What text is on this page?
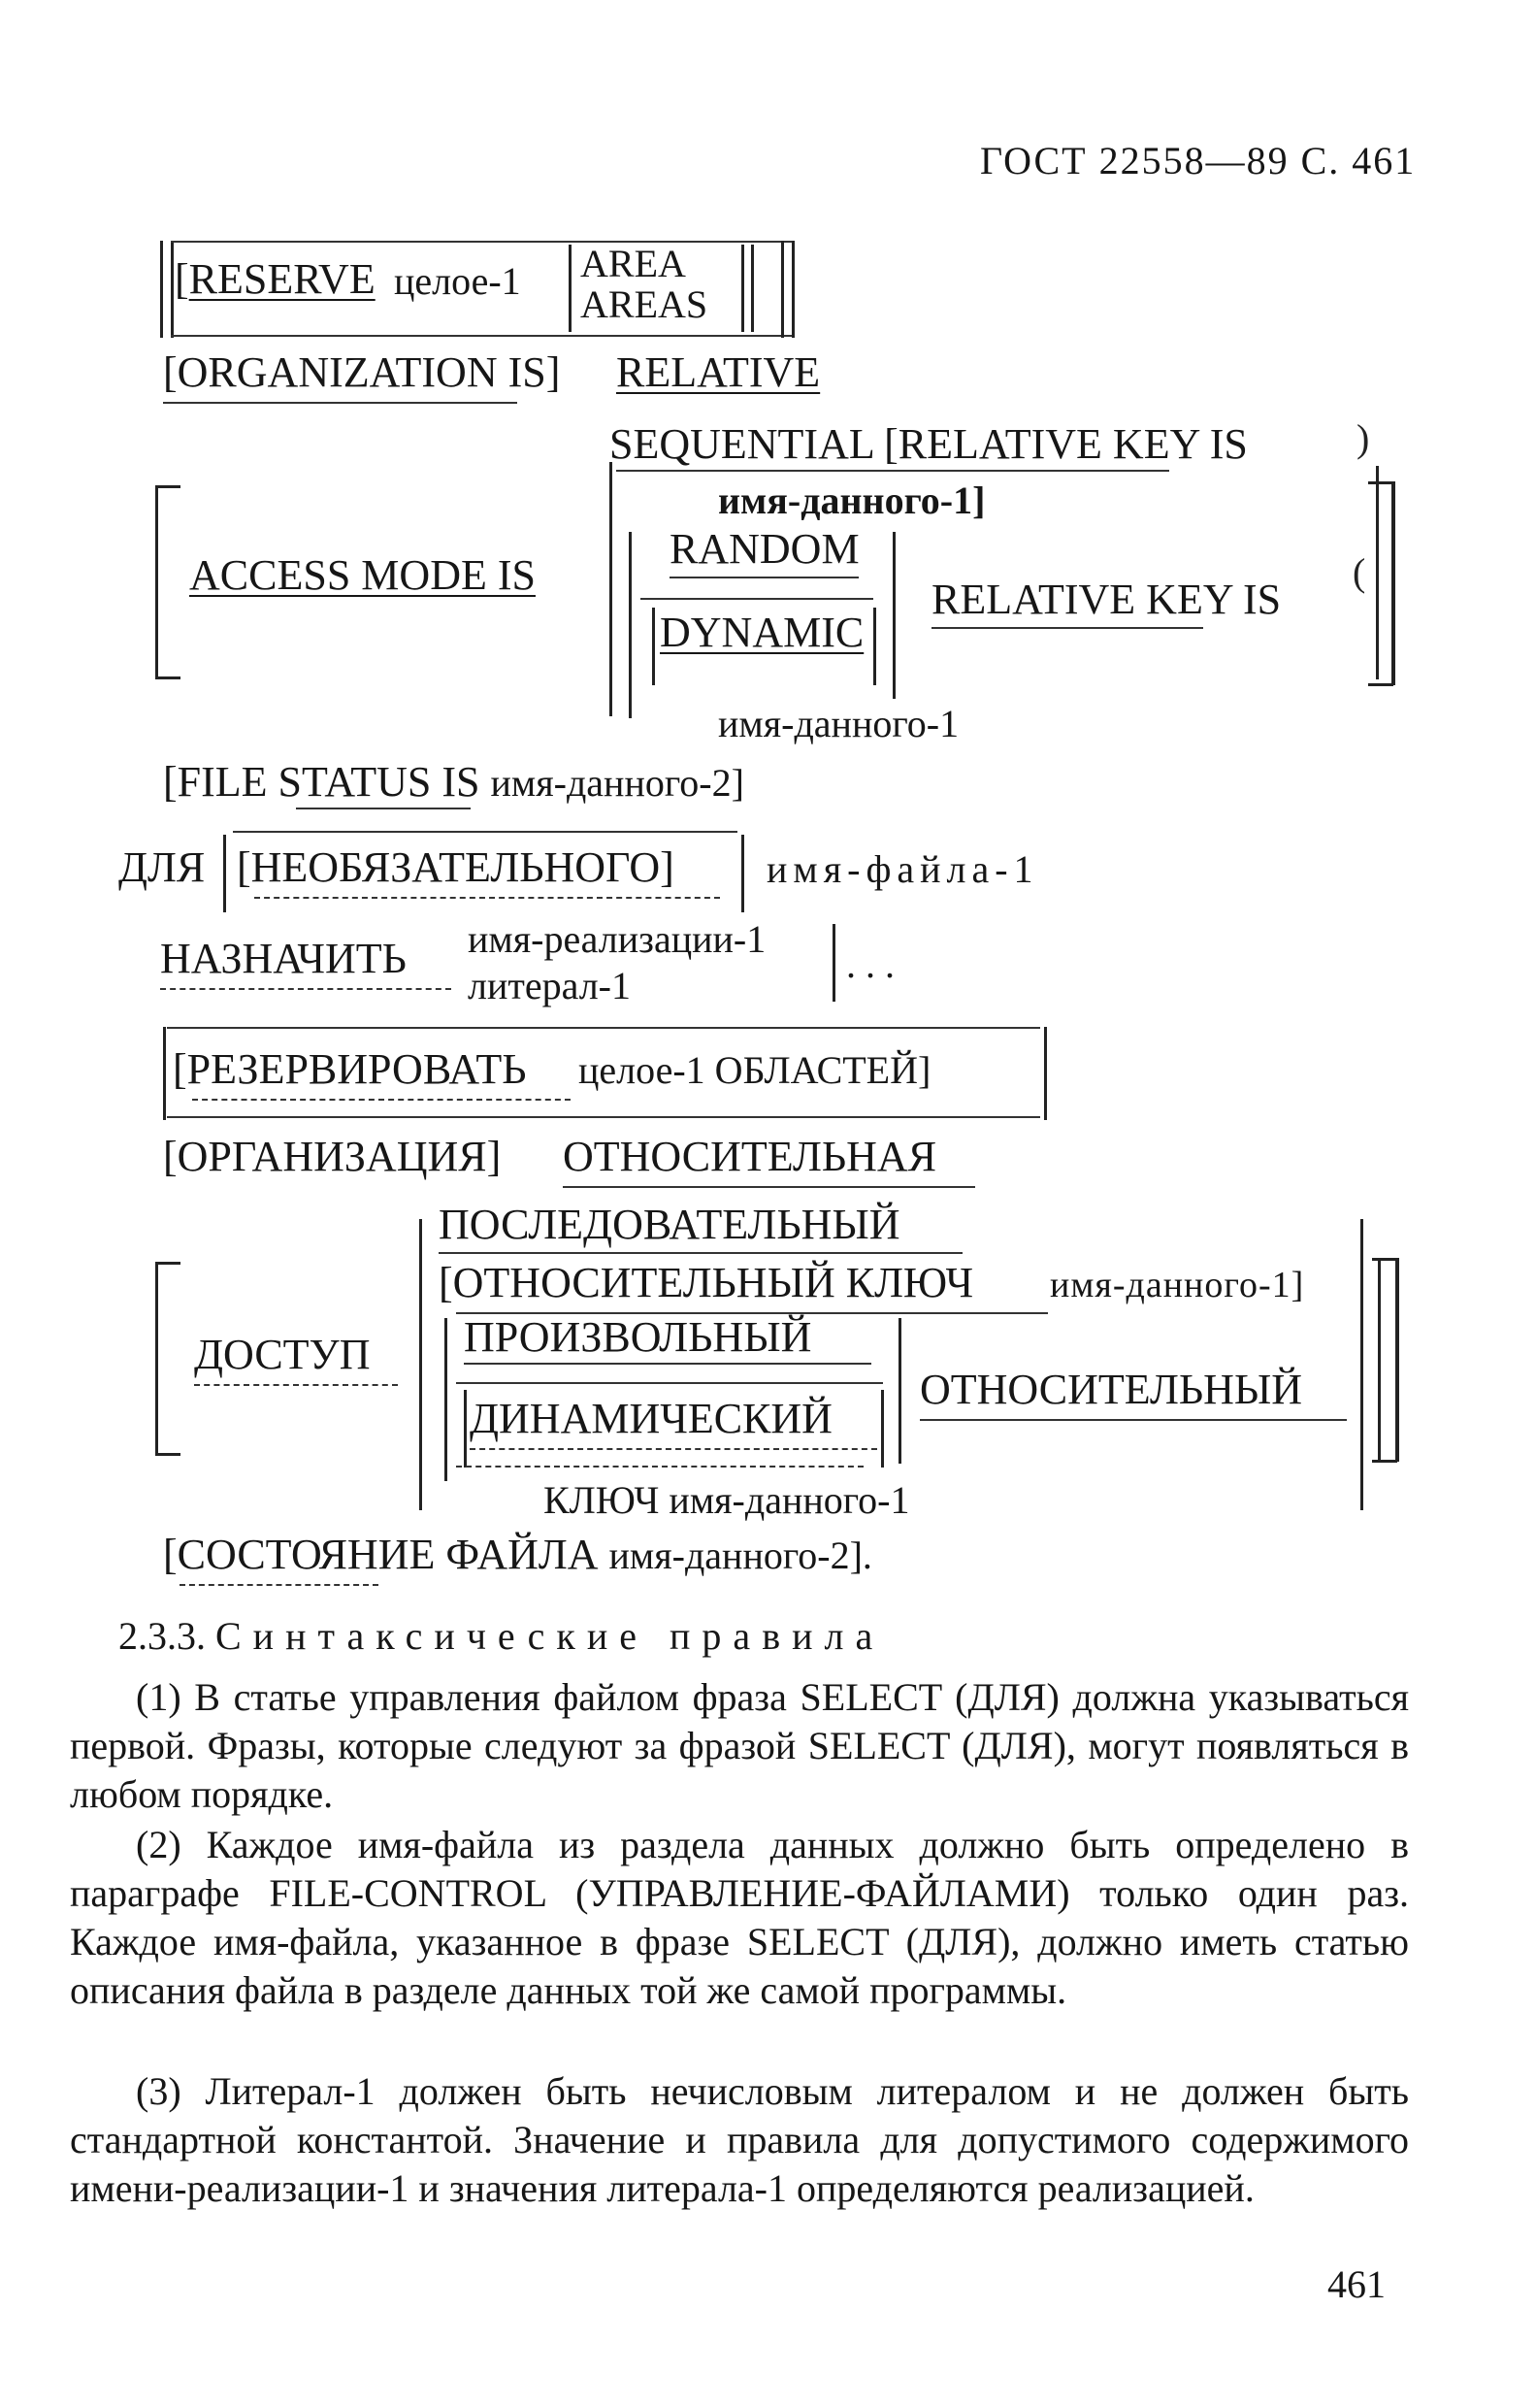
ГОСТ 22558—89 С. 461
[RESERVE целое-1 AREA
AREAS
[ORGANIZATION IS] RELATIVE
ACCESS MODE IS
SEQUENTIAL [RELATIVE KEY IS
имя-данного-1]
)
RANDOM
DYNAMIC
RELATIVE KEY IS
(
имя-данного-1
[FILE STATUS IS имя-данного-2]
ДЛЯ [НЕОБЯЗАТЕЛЬНОГО] имя-файла-1
НАЗНАЧИТЬ имя-реализации-1
литерал-1	. . .
[РЕЗЕРВИРОВАТЬ целое-1 ОБЛАСТЕЙ]
[ОРГАНИЗАЦИЯ] ОТНОСИТЕЛЬНАЯ
ДОСТУП
ПОСЛЕДОВАТЕЛЬНЫЙ
[ОТНОСИТЕЛЬНЫЙ КЛЮЧ имя-данного-1]
ПРОИЗВОЛЬНЫЙ
ДИНАМИЧЕСКИЙ
ОТНОСИТЕЛЬНЫЙ
КЛЮЧ имя-данного-1
[СОСТОЯНИЕ ФАЙЛА имя-данного-2].
2.3.3. Синтаксические правила
(1) В статье управления файлом фраза SELECT (ДЛЯ) должна указываться первой. Фразы, которые следуют за фразой SELECT (ДЛЯ), могут появляться в любом порядке.
(2) Каждое имя-файла из раздела данных должно быть определено в параграфе FILE-CONTROL (УПРАВЛЕНИЕ-ФАЙЛАМИ) только один раз. Каждое имя-файла, указанное в фразе SELECT (ДЛЯ), должно иметь статью описания файла в разделе данных той же самой программы.
(3) Литерал-1 должен быть нечисловым литералом и не должен быть стандартной константой. Значение и правила для допустимого содержимого имени-реализации-1 и значения литерала-1 определяются реализацией.
461
